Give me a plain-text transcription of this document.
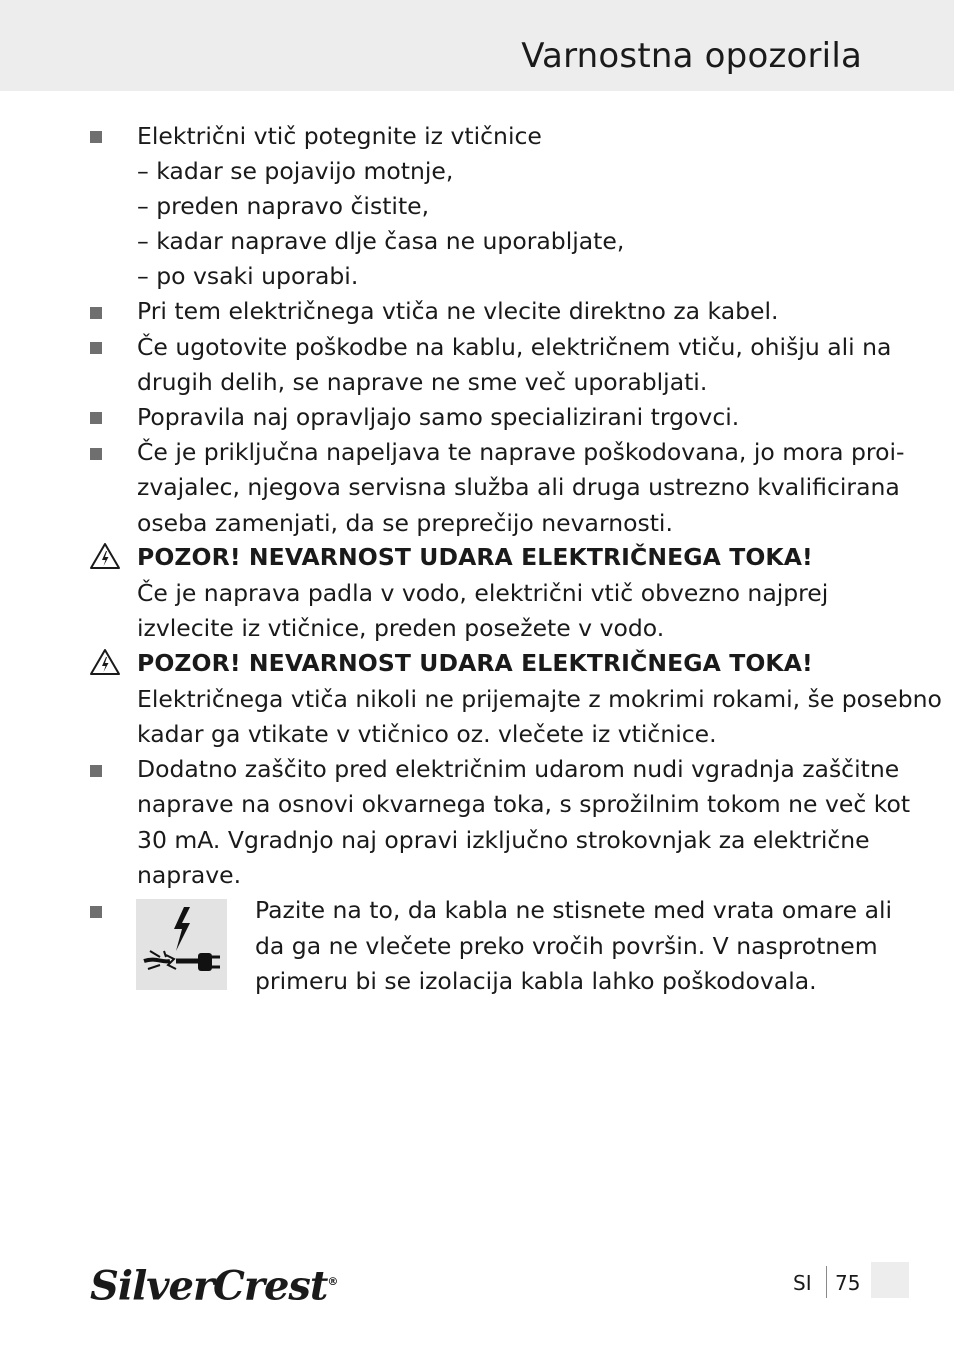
Varnostna opozorila
Električni vtič potegnite iz vtičnice
– kadar se pojavijo motnje,
– preden napravo čistite,
– kadar naprave dlje časa ne uporabljate,
– po vsaki uporabi.
Pri tem električnega vtiča ne vlecite direktno za kabel.
Če ugotovite poškodbe na kablu, električnem vtiču, ohišju ali na
drugih delih, se naprave ne sme več uporabljati.
Popravila naj opravljajo samo specializirani trgovci.
Če je priključna napeljava te naprave poškodovana, jo mora proi-
zvajalec, njegova servisna služba ali druga ustrezno kvalificirana
oseba zamenjati, da se preprečijo nevarnosti.
POZOR! NEVARNOST UDARA ELEKTRIČNEGA TOKA!
Če je naprava padla v vodo, električni vtič obvezno najprej
izvlecite iz vtičnice, preden posežete v vodo.
POZOR! NEVARNOST UDARA ELEKTRIČNEGA TOKA!
Električnega vtiča nikoli ne prijemajte z mokrimi rokami, še posebno
kadar ga vtikate v vtičnico oz. vlečete iz vtičnice.
Dodatno zaščito pred električnim udarom nudi vgradnja zaščitne
naprave na osnovi okvarnega toka, s sprožilnim tokom ne več kot
30 mA. Vgradnjo naj opravi izključno strokovnjak za električne
naprave.
Pazite na to, da kabla ne stisnete med vrata omare ali
da ga ne vlečete preko vročih površin. V nasprotnem
primeru bi se izolacija kabla lahko poškodovala.
SilverCrest®	SI 75
